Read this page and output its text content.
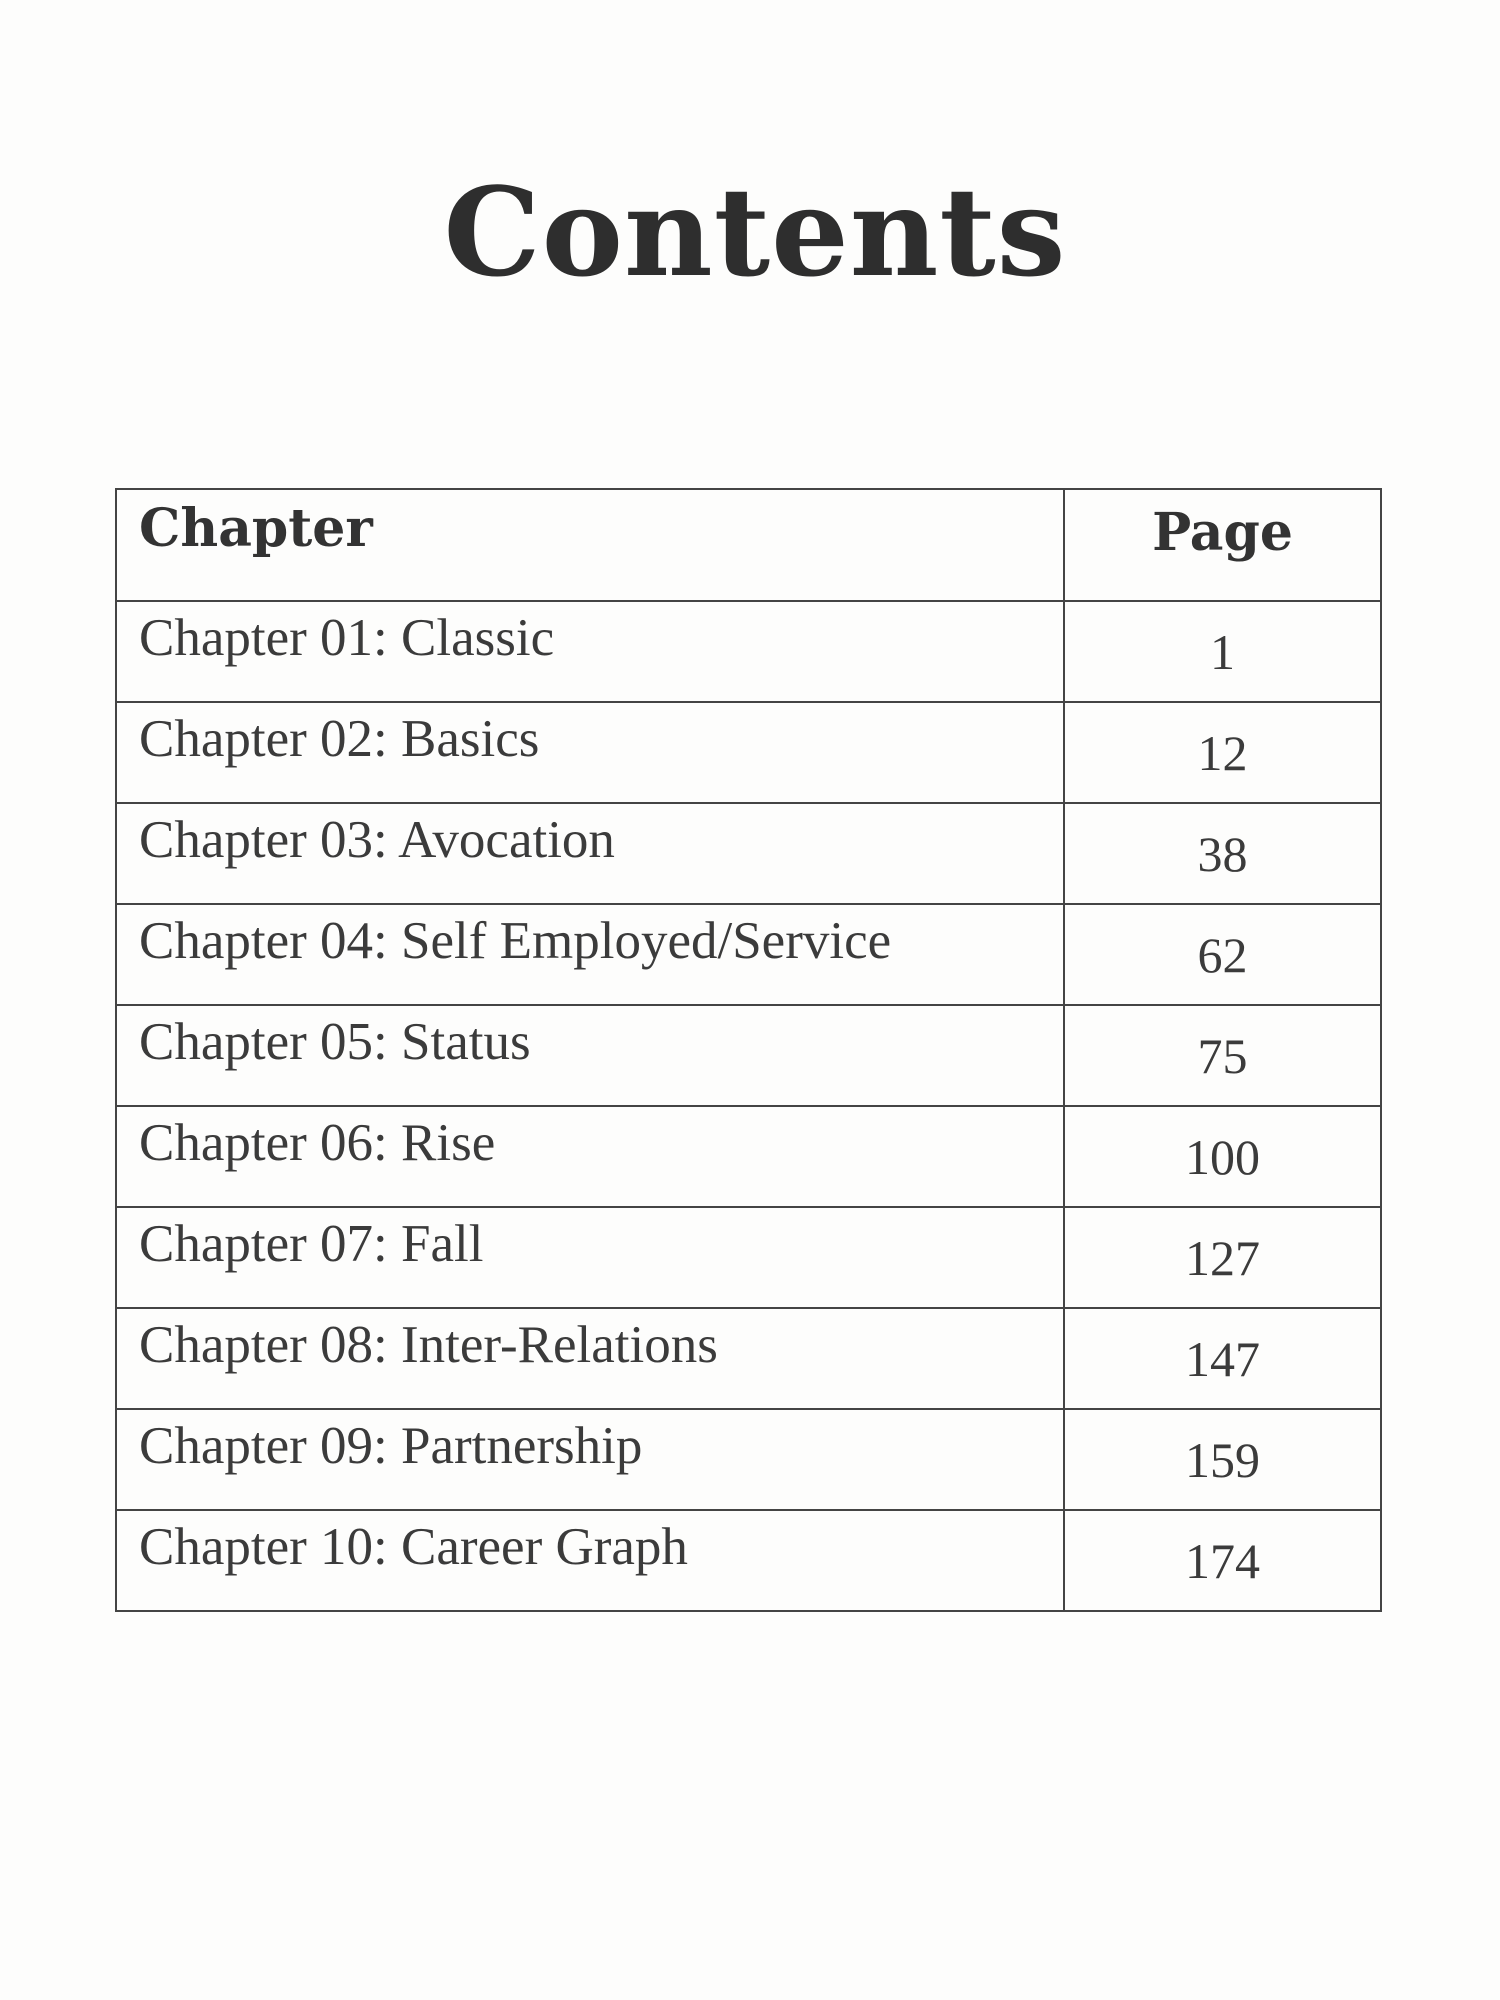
Contents
Chapter	Page
Chapter 01: Classic	1
Chapter 02: Basics	12
Chapter 03: Avocation	38
Chapter 04: Self Employed/Service	62
Chapter 05: Status	75
Chapter 06: Rise	100
Chapter 07: Fall	127
Chapter 08: Inter-Relations	147
Chapter 09: Partnership	159
Chapter 10: Career Graph	174
